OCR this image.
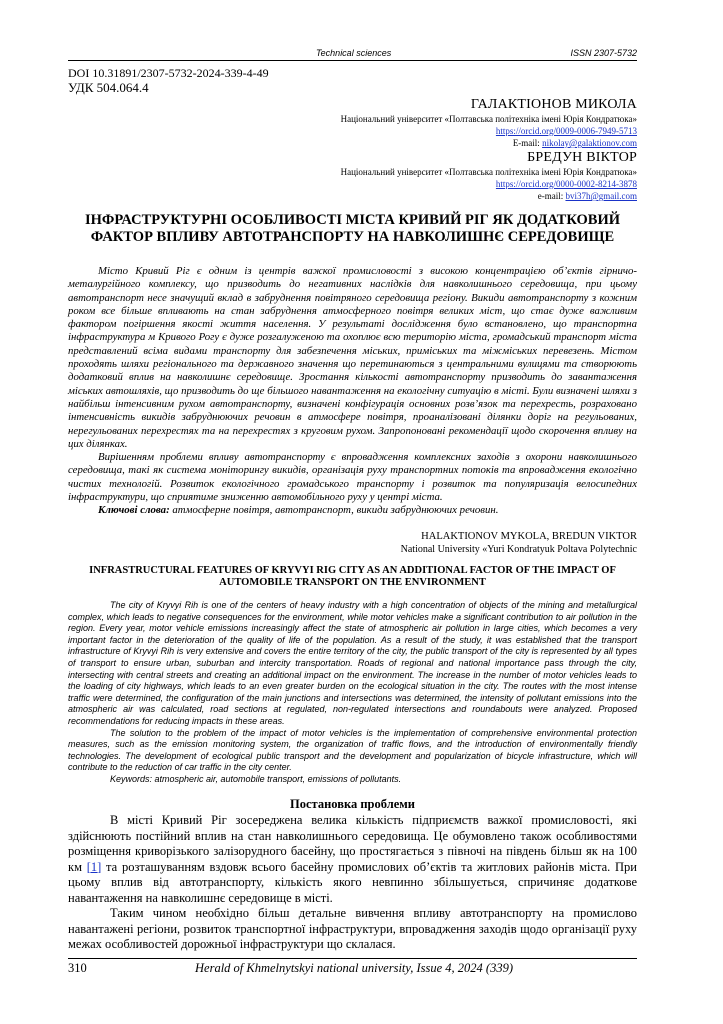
Technical sciences	ISSN 2307-5732
DOI 10.31891/2307-5732-2024-339-4-49
УДК 504.064.4
ГАЛАКТІОНОВ МИКОЛА
Національний університет «Полтавська політехніка імені Юрія Кондратюка»
https://orcid.org/0009-0006-7949-5713
E-mail: nikolay@galaktionov.com
БРЕДУН ВІКТОР
Національний університет «Полтавська політехніка імені Юрія Кондратюка»
https://orcid.org/0000-0002-8214-3878
e-mail: bvi37h@gmail.com
ІНФРАСТРУКТУРНІ ОСОБЛИВОСТІ МІСТА КРИВИЙ РІГ ЯК ДОДАТКОВИЙ ФАКТОР ВПЛИВУ АВТОТРАНСПОРТУ НА НАВКОЛИШНЄ СЕРЕДОВИЩЕ

Місто Кривий Ріг є одним із центрів важкої промисловості з високою концентрацією об’єктів гірничо-металургійного комплексу, що призводить до негативних наслідків для навколишнього середовища, при цьому автотранспорт несе значущий вклад в забруднення повітряного середовища регіону. Викиди автотранспорту з кожним роком все більше впливають на стан забруднення атмосферного повітря великих міст, що стає дуже важливим фактором погіршення якості життя населення. У результаті дослідження було встановлено, що транспортна інфраструктура м Кривого Рогу є дуже розгалуженою та охоплює всю територію міста, громадський транспорт міста представлений всіма видами транспорту для забезпечення міських, приміських та міжміських перевезень. Містом проходять шляхи регіонального та державного значення що перетинаються з центральними вулицями та створюють додатковий вплив на навколишнє середовище. Зростання кількості автотранспорту призводить до завантаження міських автошляхів, що призводить до ще більшого навантаження на екологічну ситуацію в місті. Були визначені шляхи з найбільш інтенсивним рухом автотранспорту, визначені конфігурація основних розв’язок та перехресть, розраховано інтенсивність викидів забруднюючих речовин в атмосфере повітря, проаналізовані ділянки доріг на регульованих, нерегульованих перехрестях та на перехрестях з круговим рухом. Запропоновані рекомендації щодо скорочення впливу на цих ділянках.

Вирішенням проблеми впливу автотранспорту є впровадження комплексних заходів з охорони навколишнього середовища, такі як система моніторингу викидів, організація руху транспортних потоків та впровадження екологічно чистих технологій. Розвиток екологічного громадського транспорту і розвиток та популяризація велосипедних інфраструктури, що сприятиме зниженню автомобільного руху у центрі міста.

Ключові слова: атмосферне повітря, автотранспорт, викиди забруднюючих речовин.

HALAKTIONOV MYKOLA, BREDUN VIKTOR
National University «Yuri Kondratyuk Poltava Polytechnic
INFRASTRUCTURAL FEATURES OF KRYVYI RIG CITY AS AN ADDITIONAL FACTOR OF THE IMPACT OF AUTOMOBILE TRANSPORT ON THE ENVIRONMENT

The city of Kryvyi Rih is one of the centers of heavy industry with a high concentration of objects of the mining and metallurgical complex, which leads to negative consequences for the environment, while motor vehicles make a significant contribution to air pollution in the region. Every year, motor vehicle emissions increasingly affect the state of atmospheric air pollution in large cities, which becomes a very important factor in the deterioration of the quality of life of the population. As a result of the study, it was established that the transport infrastructure of Kryvyi Rih is very extensive and covers the entire territory of the city, the public transport of the city is represented by all types of transport to ensure urban, suburban and intercity transportation. Roads of regional and national importance pass through the city, intersecting with central streets and creating an additional impact on the environment. The increase in the number of motor vehicles leads to the loading of city highways, which leads to an even greater burden on the ecological situation in the city. The routes with the most intense traffic were determined, the configuration of the main junctions and intersections was determined, the intensity of pollutant emissions into the atmospheric air was calculated, road sections at regulated, non-regulated intersections and roundabouts were analyzed. Proposed recommendations for reducing impacts in these areas.

The solution to the problem of the impact of motor vehicles is the implementation of comprehensive environmental protection measures, such as the emission monitoring system, the organization of traffic flows, and the introduction of environmentally friendly technologies. The development of ecological public transport and the development and popularization of bicycle infrastructure, which will contribute to the reduction of car traffic in the city center.

Keywords: atmospheric air, automobile transport, emissions of pollutants.

Постановка проблеми

В місті Кривий Ріг зосереджена велика кількість підприємств важкої промисловості, які здійснюють постійний вплив на стан навколишнього середовища. Це обумовлено також особливостями розміщення криворізького залізорудного басейну, що простягається з півночі на південь більш як на 100 км [1] та розташуванням вздовж всього басейну промислових об’єктів та житлових районів міста. При цьому вплив від автотранспорту, кількість якого невпинно збільшується, спричиняє додаткове навантаження на навколишнє середовище в місті.

Таким чином необхідно більш детальне вивчення впливу автотранспорту на промислово навантажені регіони, розвиток транспортної інфраструктури, впровадження заходів щодо організації руху межах особливостей дорожньої інфраструктури що склалася.

310	Herald of Khmelnytskyi national university, Issue 4, 2024 (339)
